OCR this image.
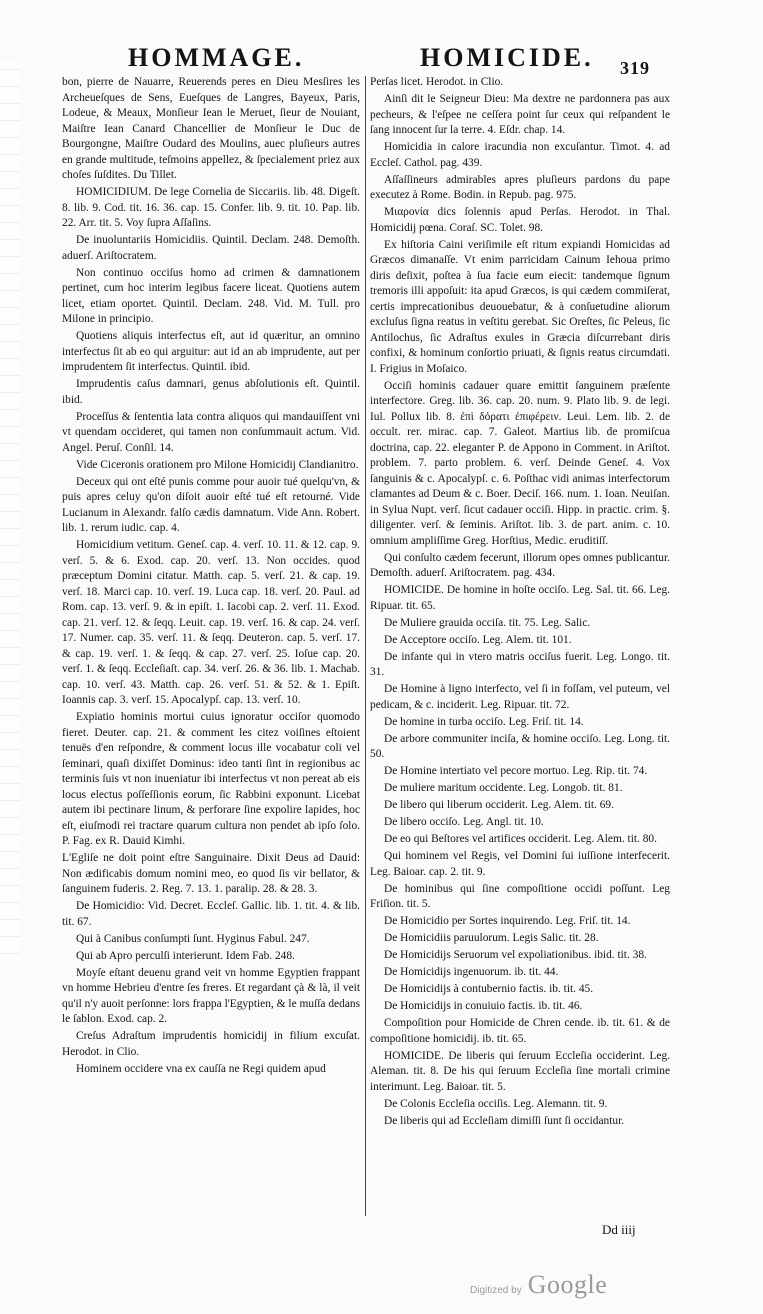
HOMMAGE.	HOMICIDE. 319

bon, pierre de Nauarre, Reuerends peres en Dieu Mesſires les Archeueſques de Sens, Eueſques de Langres, Bayeux, Paris, Lodeue, & Meaux, Monſieur Iean le Meruet, ſieur de Nouiant, Maiſtre Iean Canard Chancellier de Monſieur le Duc de Bourgongne, Maiſtre Oudard des Moulins, auec pluſieurs autres en grande multitude, teſmoins appellez, & ſpecialement priez aux choſes ſuſdites. Du Tillet.

HOMICIDIUM. De lege Cornelia de Siccariis. lib. 48. Digeſt. 8. lib. 9. Cod. tit. 16. 36. cap. 15. Confer. lib. 9. tit. 10. Pap. lib. 22. Arr. tit. 5. Voy ſupra Aſſaſins.

De inuoluntariis Homicidiis. Quintil. Declam. 248. Demoſth. aduerſ. Ariſtocratem.

Non continuo occiſus homo ad crimen & damnationem pertinet, cum hoc interim legibus facere liceat. Quotiens autem licet, etiam oportet. Quintil. Declam. 248. Vid. M. Tull. pro Milone in principio.

Quotiens aliquis interfectus eſt, aut id quæritur, an omnino interfectus ſit ab eo qui arguitur: aut id an ab imprudente, aut per imprudentem ſit interfectus. Quintil. ibid.

Imprudentis caſus damnari, genus abſolutionis eſt. Quintil. ibid.

Proceſſus & ſententia lata contra aliquos qui mandauiſſent vni vt quendam occideret, qui tamen non conſummauit actum. Vid. Angel. Peruſ. Conſil. 14.

Vide Ciceronis orationem pro Milone Homicidij Clandianitro.

Deceux qui ont eſté punis comme pour auoir tué quelqu'vn, & puis apres celuy qu'on diſoit auoir eſté tué eſt retourné. Vide Lucianum in Alexandr. falſo cædis damnatum. Vide Ann. Robert. lib. 1. rerum iudic. cap. 4.

Homicidium vetitum. Geneſ. cap. 4. verſ. 10. 11. & 12. cap. 9. verſ. 5. & 6. Exod. cap. 20. verſ. 13. Non occides. quod præceptum Domini citatur. Matth. cap. 5. verſ. 21. & cap. 19. verſ. 18. Marci cap. 10. verſ. 19. Luca cap. 18. verſ. 20. Paul. ad Rom. cap. 13. verſ. 9. & in epiſt. 1. Iacobi cap. 2. verſ. 11. Exod. cap. 21. verſ. 12. & ſeqq. Leuit. cap. 19. verſ. 16. & cap. 24. verſ. 17. Numer. cap. 35. verſ. 11. & ſeqq. Deuteron. cap. 5. verſ. 17. & cap. 19. verſ. 1. & ſeqq. & cap. 27. verſ. 25. Ioſue cap. 20. verſ. 1. & ſeqq. Eccleſiaſt. cap. 34. verſ. 26. & 36. lib. 1. Machab. cap. 10. verſ. 43. Matth. cap. 26. verſ. 51. & 52. & 1. Epiſt. Ioannis cap. 3. verſ. 15. Apocalypſ. cap. 13. verſ. 10.

Expiatio hominis mortui cuius ignoratur occiſor quomodo fieret. Deuter. cap. 21. & comment les citez voiſines eſtoient tenuës d'en reſpondre, & comment locus ille vocabatur coli vel ſeminari, quaſi dixiſſet Dominus: ideo tanti ſint in regionibus ac terminis ſuis vt non inueniatur ibi interfectus vt non pereat ab eis locus electus poſſeſſionis eorum, ſic Rabbini exponunt. Licebat autem ibi pectinare linum, & perforare ſine expolire lapides, hoc eſt, eiuſmodi rei tractare quarum cultura non pendet ab ipſo ſolo. P. Fag. ex R. Dauid Kimhi.

L'Egliſe ne doit point eſtre Sanguinaire. Dixit Deus ad Dauid: Non ædificabis domum nomini meo, eo quod ſis vir bellator, & ſanguinem fuderis. 2. Reg. 7. 13. 1. paralip. 28. & 28. 3.

De Homicidio: Vid. Decret. Eccleſ. Gallic. lib. 1. tit. 4. & lib. tit. 67.

Qui à Canibus conſumpti ſunt. Hyginus Fabul. 247.

Qui ab Apro perculſi interierunt. Idem Fab. 248.

Moyſe eſtant deuenu grand veit vn homme Egyptien frappant vn homme Hebrieu d'entre ſes freres. Et regardant çà & là, il veit qu'il n'y auoit perſonne: lors frappa l'Egyptien, & le muſſa dedans le ſablon. Exod. cap. 2.

Creſus Adraſtum imprudentis homicidij in filium excuſat. Herodot. in Clio.

Hominem occidere vna ex cauſſa ne Regi quidem apud

Perſas licet. Herodot. in Clio.

Ainſi dit le Seigneur Dieu: Ma dextre ne pardonnera pas aux pecheurs, & l'eſpee ne ceſſera point ſur ceux qui reſpandent le ſang innocent ſur la terre. 4. Eſdr. chap. 14.

Homicidia in calore iracundia non excuſantur. Timot. 4. ad Eccleſ. Cathol. pag. 439.

Aſſaſſineurs admirables apres pluſieurs pardons du pape executez à Rome. Bodin. in Repub. pag. 975.

Μιαρονία dics ſolennis apud Perſas. Herodot. in Thal. Homicidij pœna. Coraſ. SC. Tolet. 98.

Ex hiſtoria Caini veriſimile eſt ritum expiandi Homicidas ad Græcos dimanaſſe. Vt enim parricidam Cainum Iehoua primo diris deſixit, poſtea à ſua facie eum eiecit: tandemque ſignum tremoris illi appoſuit: ita apud Græcos, is qui cædem commiſerat, certis imprecationibus deuouebatur, & à conſuetudine aliorum excluſus ſigna reatus in veſtitu gerebat. Sic Oreſtes, ſic Peleus, ſic Antilochus, ſic Adraſtus exules in Græcia diſcurrebant diris confixi, & hominum conſortio priuati, & ſignis reatus circumdati. I. Frigius in Moſaico.

Occiſi hominis cadauer quare emittit ſanguinem præſente interfectore. Greg. lib. 36. cap. 20. num. 9. Plato lib. 9. de legi. Iul. Pollux lib. 8. ἐπὶ δόρατι ἐπιφέρειν. Leui. Lem. lib. 2. de occult. rer. mirac. cap. 7. Galeot. Martius lib. de promiſcua doctrina, cap. 22. eleganter P. de Appono in Comment. in Ariſtot. problem. 7. parto problem. 6. verſ. Deinde Geneſ. 4. Vox ſanguinis & c. Apocalypſ. c. 6. Poſthac vidi animas interfectorum clamantes ad Deum & c. Boer. Deciſ. 166. num. 1. Ioan. Neuiſan. in Sylua Nupt. verſ. ſicut cadauer occiſi. Hipp. in practic. crim. §. diligenter. verſ. & ſeminis. Ariſtot. lib. 3. de part. anim. c. 10. omnium ampliſſime Greg. Horſtius, Medic. eruditiſſ.

Qui conſulto cædem fecerunt, illorum opes omnes publicantur. Demoſth. aduerſ. Ariſtocratem. pag. 434.

HOMICIDE. De homine in hoſte occiſo. Leg. Sal. tit. 66. Leg. Ripuar. tit. 65.

De Muliere grauida occiſa. tit. 75. Leg. Salic.

De Acceptore occiſo. Leg. Alem. tit. 101.

De infante qui in vtero matris occiſus fuerit. Leg. Longo. tit. 31.

De Homine à ligno interfecto, vel ſi in foſſam, vel puteum, vel pedicam, & c. inciderit. Leg. Ripuar. tit. 72.

De homine in turba occiſo. Leg. Friſ. tit. 14.

De arbore communiter inciſa, & homine occiſo. Leg. Long. tit. 50.

De Homine intertiato vel pecore mortuo. Leg. Rip. tit. 74.

De muliere maritum occidente. Leg. Longob. tit. 81.

De libero qui liberum occiderit. Leg. Alem. tit. 69.

De libero occiſo. Leg. Angl. tit. 10.

De eo qui Beſtores vel artifices occiderit. Leg. Alem. tit. 80.

Qui hominem vel Regis, vel Domini ſui iuſſione interfecerit. Leg. Baioar. cap. 2. tit. 9.

De hominibus qui ſine compoſitione occidi poſſunt. Leg Friſion. tit. 5.

De Homicidio per Sortes inquirendo. Leg. Friſ. tit. 14.

De Homicidiis paruulorum. Legis Salic. tit. 28.

De Homicidijs Seruorum vel expoliationibus. ibid. tit. 38.

De Homicidijs ingenuorum. ib. tit. 44.

De Homicidijs à contubernio factis. ib. tit. 45.

De Homicidijs in conuiuio factis. ib. tit. 46.

Compoſition pour Homicide de Chren cende. ib. tit. 61. & de compoſitione homicidij. ib. tit. 65.

HOMICIDE. De liberis qui ſeruum Eccleſia occiderint. Leg. Aleman. tit. 8. De his qui ſeruum Eccleſia ſine mortali crimine interimunt. Leg. Baioar. tit. 5.

De Colonis Eccleſia occiſis. Leg. Alemann. tit. 9.

De liberis qui ad Eccleſiam dimiſſi ſunt ſi occidantur.

Dd iiij
Digitized by Google
